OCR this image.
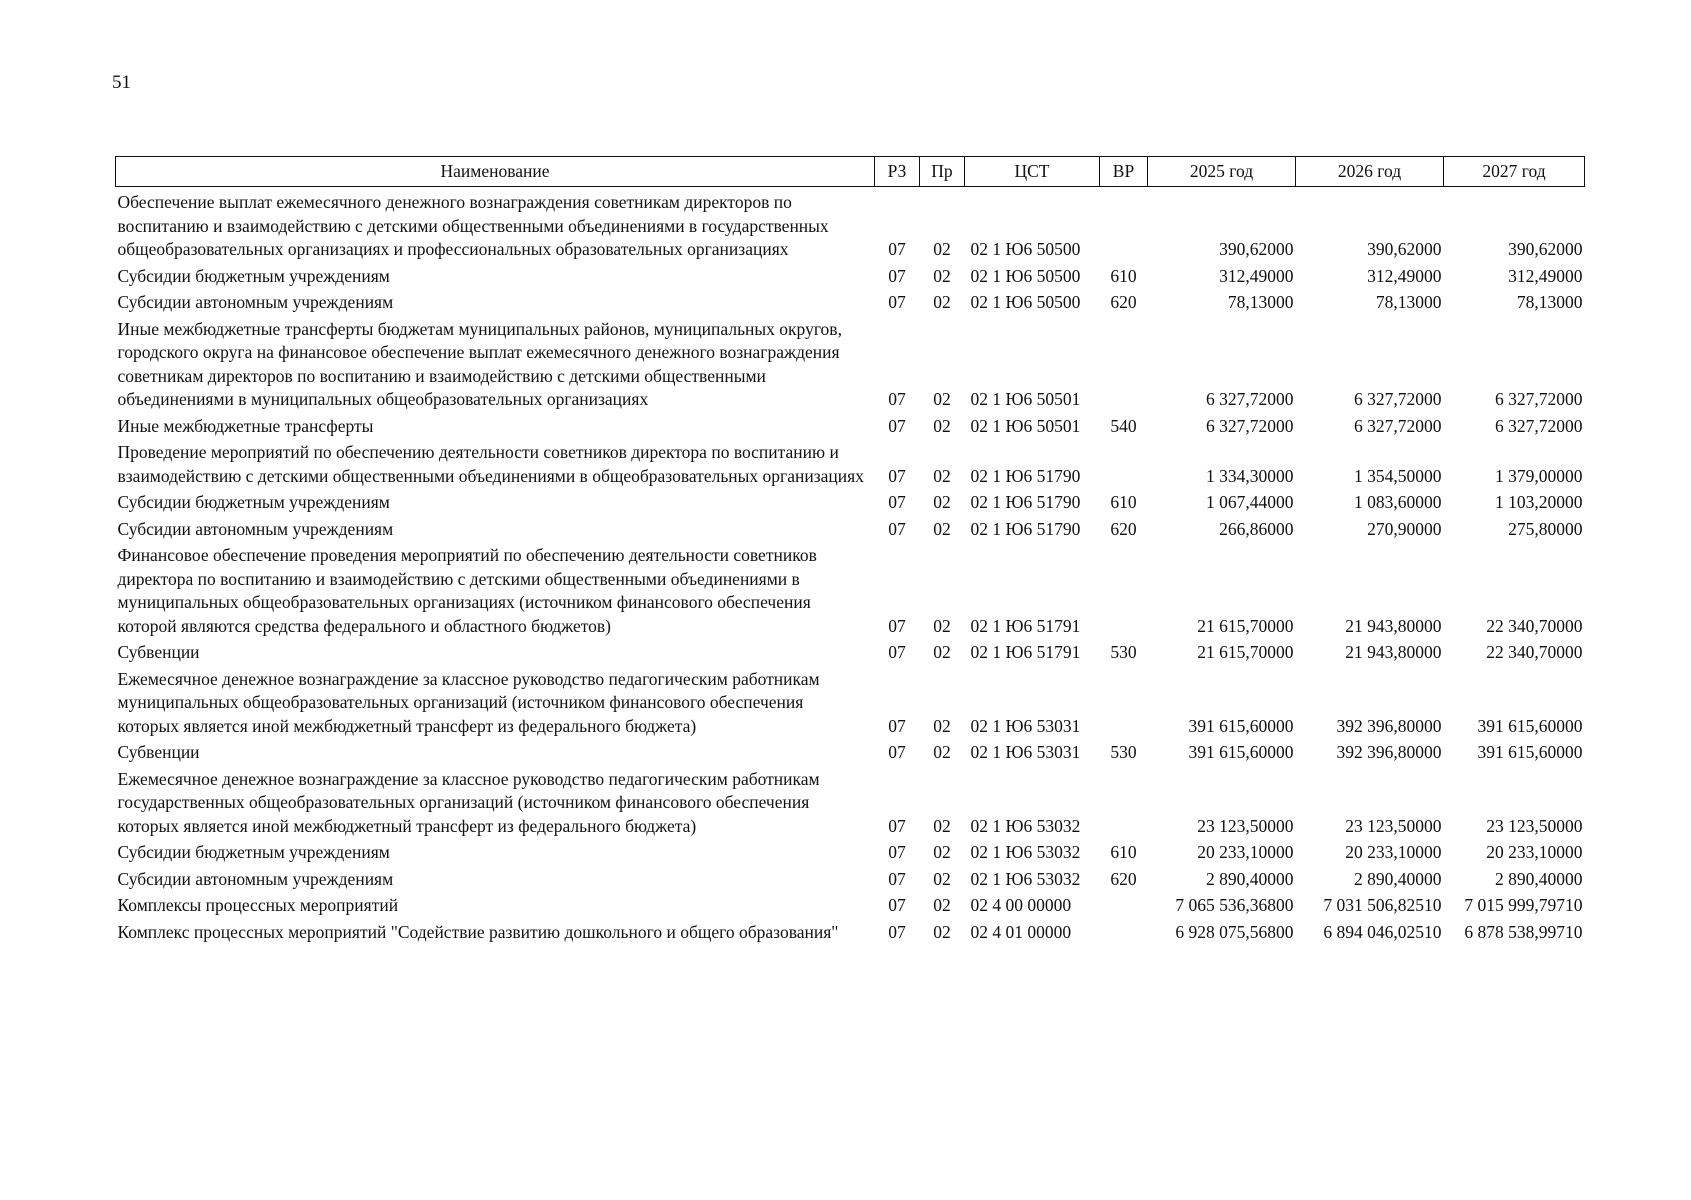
51
Наименование	РЗ	Пр	ЦСТ	ВР	2025 год	2026 год	2027 год
Обеспечение выплат ежемесячного денежного вознаграждения советникам директоров по воспитанию и взаимодействию с детскими общественными объединениями в государственных общеобразовательных организациях и профессиональных образовательных организациях	07	02	02 1 Ю6 50500		390,62000	390,62000	390,62000
Субсидии бюджетным учреждениям	07	02	02 1 Ю6 50500	610	312,49000	312,49000	312,49000
Субсидии автономным учреждениям	07	02	02 1 Ю6 50500	620	78,13000	78,13000	78,13000
Иные межбюджетные трансферты бюджетам муниципальных районов, муниципальных округов, городского округа на финансовое обеспечение выплат ежемесячного денежного вознаграждения советникам директоров по воспитанию и взаимодействию с детскими общественными объединениями в муниципальных общеобразовательных организациях	07	02	02 1 Ю6 50501		6 327,72000	6 327,72000	6 327,72000
Иные межбюджетные трансферты	07	02	02 1 Ю6 50501	540	6 327,72000	6 327,72000	6 327,72000
Проведение мероприятий по обеспечению деятельности советников директора по воспитанию и взаимодействию с детскими общественными объединениями в общеобразовательных организациях	07	02	02 1 Ю6 51790		1 334,30000	1 354,50000	1 379,00000
Субсидии бюджетным учреждениям	07	02	02 1 Ю6 51790	610	1 067,44000	1 083,60000	1 103,20000
Субсидии автономным учреждениям	07	02	02 1 Ю6 51790	620	266,86000	270,90000	275,80000
Финансовое обеспечение проведения мероприятий по обеспечению деятельности советников директора по воспитанию и взаимодействию с детскими общественными объединениями в муниципальных общеобразовательных организациях (источником финансового обеспечения которой являются средства федерального и областного бюджетов)	07	02	02 1 Ю6 51791		21 615,70000	21 943,80000	22 340,70000
Субвенции	07	02	02 1 Ю6 51791	530	21 615,70000	21 943,80000	22 340,70000
Ежемесячное денежное вознаграждение за классное руководство педагогическим работникам муниципальных общеобразовательных организаций (источником финансового обеспечения которых является иной межбюджетный трансферт из федерального бюджета)	07	02	02 1 Ю6 53031		391 615,60000	392 396,80000	391 615,60000
Субвенции	07	02	02 1 Ю6 53031	530	391 615,60000	392 396,80000	391 615,60000
Ежемесячное денежное вознаграждение за классное руководство педагогическим работникам государственных общеобразовательных организаций (источником финансового обеспечения которых является иной межбюджетный трансферт из федерального бюджета)	07	02	02 1 Ю6 53032		23 123,50000	23 123,50000	23 123,50000
Субсидии бюджетным учреждениям	07	02	02 1 Ю6 53032	610	20 233,10000	20 233,10000	20 233,10000
Субсидии автономным учреждениям	07	02	02 1 Ю6 53032	620	2 890,40000	2 890,40000	2 890,40000
Комплексы процессных мероприятий	07	02	02 4 00 00000		7 065 536,36800	7 031 506,82510	7 015 999,79710
Комплекс процессных мероприятий "Содействие развитию дошкольного и общего образования"	07	02	02 4 01 00000		6 928 075,56800	6 894 046,02510	6 878 538,99710
